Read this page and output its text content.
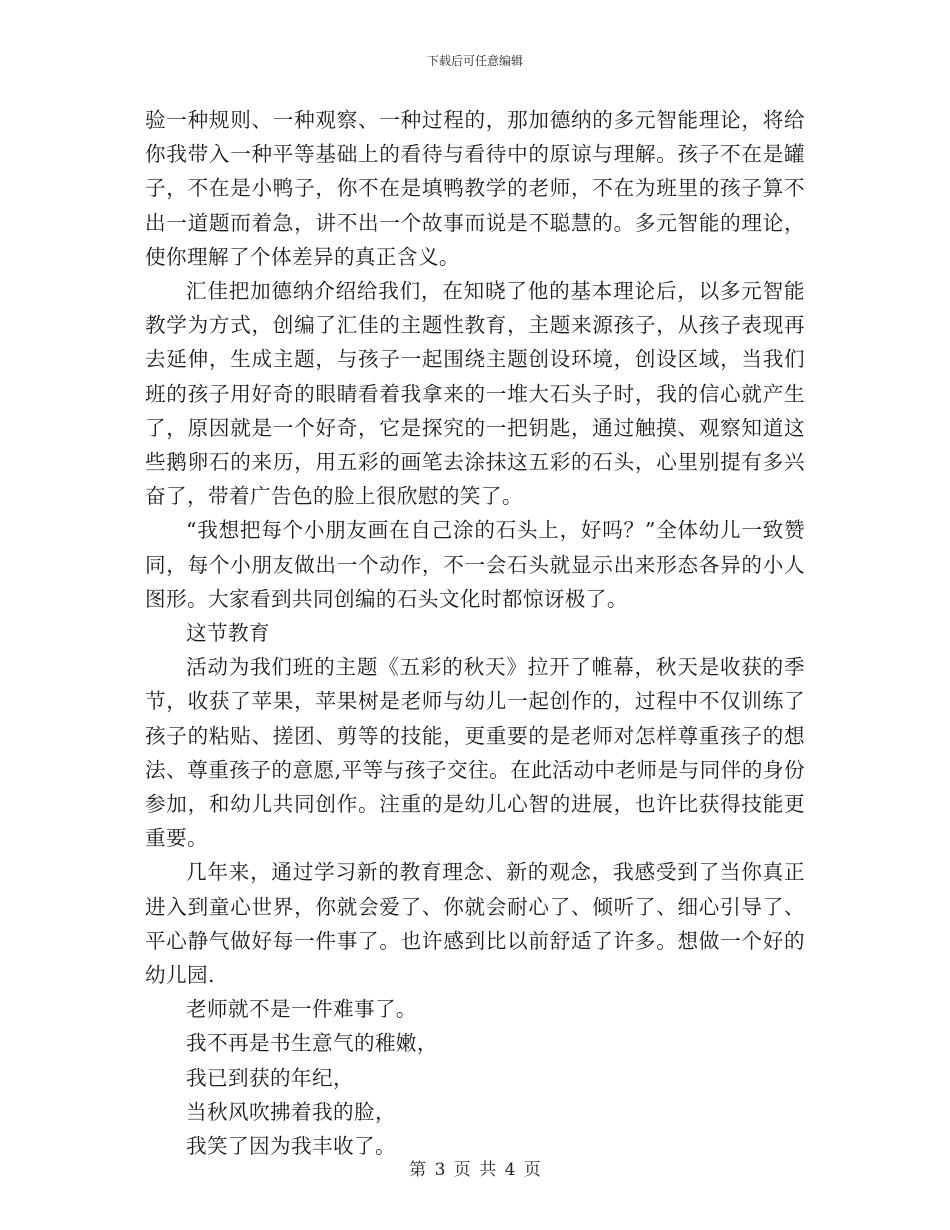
下载后可任意编辑

验一种规则、一种观察、一种过程的，那加德纳的多元智能理论，将给你我带入一种平等基础上的看待与看待中的原谅与理解。孩子不在是罐子，不在是小鸭子，你不在是填鸭教学的老师，不在为班里的孩子算不出一道题而着急，讲不出一个故事而说是不聪慧的。多元智能的理论，使你理解了个体差异的真正含义。

汇佳把加德纳介绍给我们，在知晓了他的基本理论后，以多元智能教学为方式，创编了汇佳的主题性教育，主题来源孩子，从孩子表现再去延伸，生成主题，与孩子一起围绕主题创设环境，创设区域，当我们班的孩子用好奇的眼睛看着我拿来的一堆大石头子时，我的信心就产生了，原因就是一个好奇，它是探究的一把钥匙，通过触摸、观察知道这些鹅卵石的来历，用五彩的画笔去涂抹这五彩的石头，心里别提有多兴奋了，带着广告色的脸上很欣慰的笑了。

“我想把每个小朋友画在自己涂的石头上，好吗？”全体幼儿一致赞同，每个小朋友做出一个动作，不一会石头就显示出来形态各异的小人图形。大家看到共同创编的石头文化时都惊讶极了。

这节教育

活动为我们班的主题《五彩的秋天》拉开了帷幕，秋天是收获的季节，收获了苹果，苹果树是老师与幼儿一起创作的，过程中不仅训练了孩子的粘贴、搓团、剪等的技能，更重要的是老师对怎样尊重孩子的想法、尊重孩子的意愿,平等与孩子交往。在此活动中老师是与同伴的身份参加，和幼儿共同创作。注重的是幼儿心智的进展，也许比获得技能更重要。

几年来，通过学习新的教育理念、新的观念，我感受到了当你真正进入到童心世界，你就会爱了、你就会耐心了、倾听了、细心引导了、平心静气做好每一件事了。也许感到比以前舒适了许多。想做一个好的幼儿园.

老师就不是一件难事了。

我不再是书生意气的稚嫩，

我已到获的年纪，

当秋风吹拂着我的脸，

我笑了因为我丰收了。

第 3 页 共 4 页
